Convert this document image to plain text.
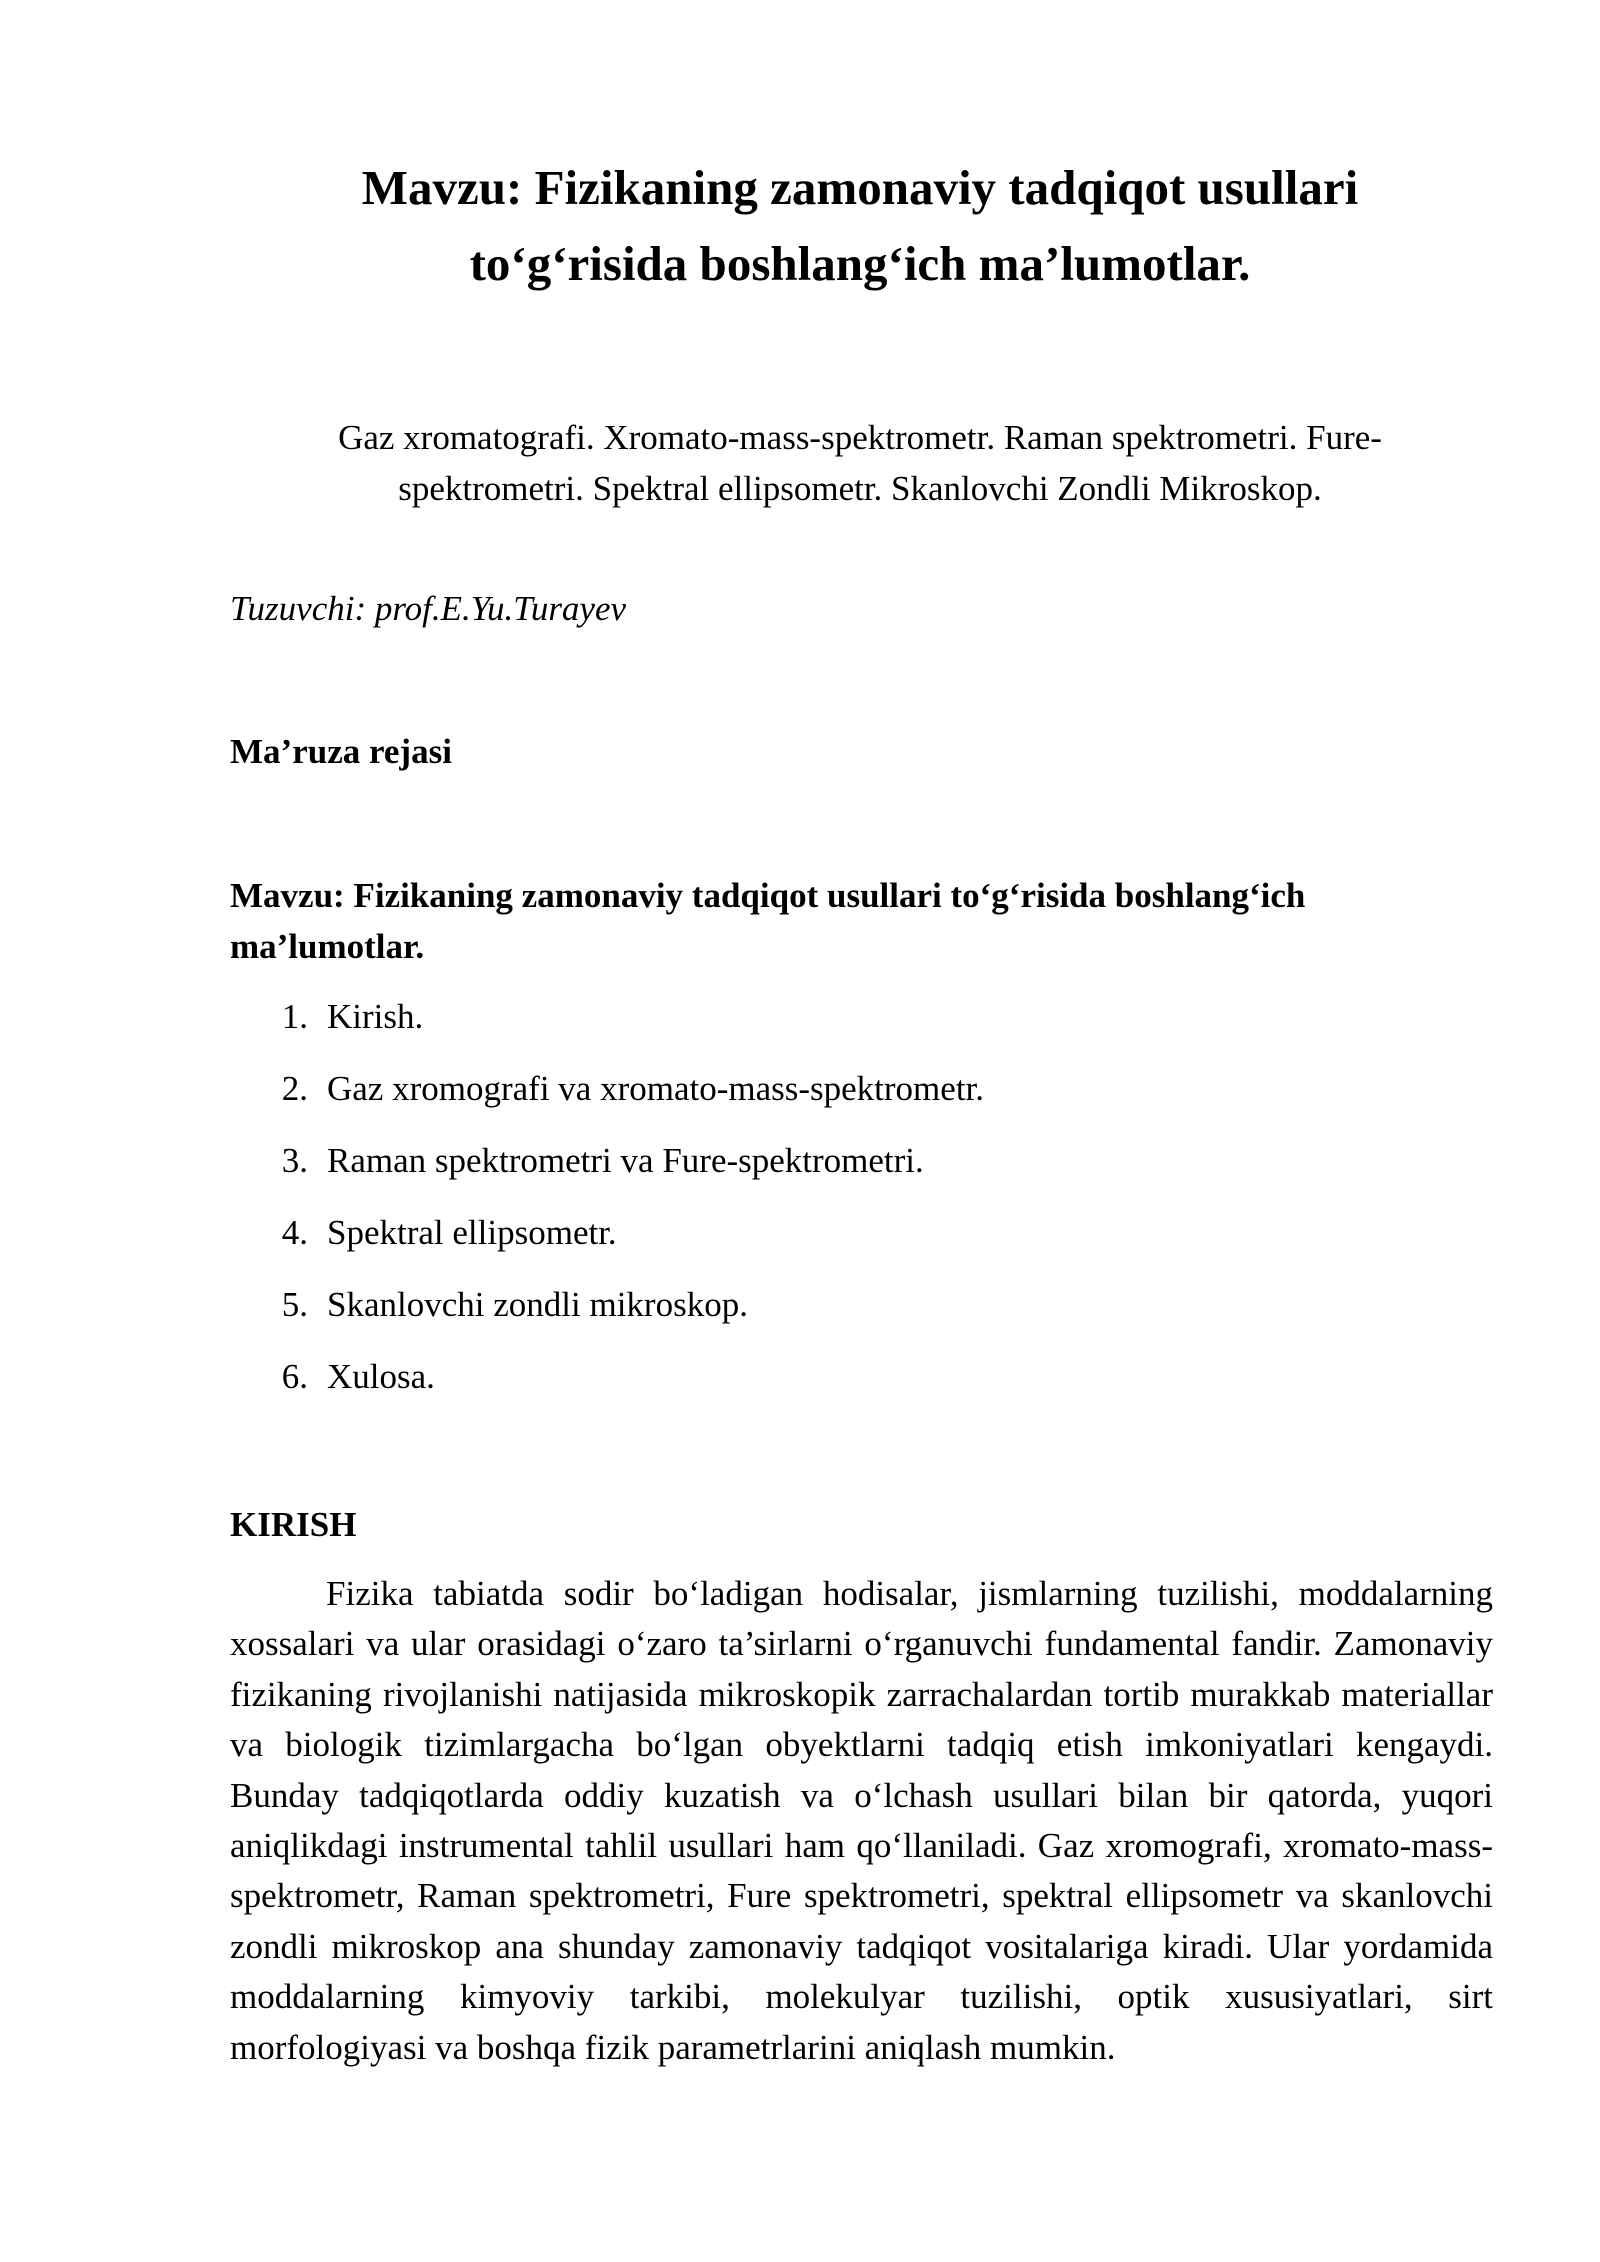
Mavzu: Fizikaning zamonaviy tadqiqot usullari
to‘g‘risida boshlang‘ich ma’lumotlar.

Gaz xromatografi. Xromato-mass-spektrometr. Raman spektrometri. Fure-spektrometri. Spektral ellipsometr. Skanlovchi Zondli Mikroskop.

Tuzuvchi: prof.E.Yu.Turayev

Ma’ruza rejasi

Mavzu: Fizikaning zamonaviy tadqiqot usullari to‘g‘risida boshlang‘ich ma’lumotlar.

1. Kirish.
2. Gaz xromografi va xromato-mass-spektrometr.
3. Raman spektrometri va Fure-spektrometri.
4. Spektral ellipsometr.
5. Skanlovchi zondli mikroskop.
6. Xulosa.

KIRISH

Fizika tabiatda sodir bo‘ladigan hodisalar, jismlarning tuzilishi, moddalarning xossalari va ular orasidagi o‘zaro ta’sirlarni o‘rganuvchi fundamental fandir. Zamonaviy fizikaning rivojlanishi natijasida mikroskopik zarrachalardan tortib murakkab materiallar va biologik tizimlargacha bo‘lgan obyektlarni tadqiq etish imkoniyatlari kengaydi. Bunday tadqiqotlarda oddiy kuzatish va o‘lchash usullari bilan bir qatorda, yuqori aniqlikdagi instrumental tahlil usullari ham qo‘llaniladi. Gaz xromografi, xromato-mass-spektrometr, Raman spektrometri, Fure spektrometri, spektral ellipsometr va skanlovchi zondli mikroskop ana shunday zamonaviy tadqiqot vositalariga kiradi. Ular yordamida moddalarning kimyoviy tarkibi, molekulyar tuzilishi, optik xususiyatlari, sirt morfologiyasi va boshqa fizik parametrlarini aniqlash mumkin.
